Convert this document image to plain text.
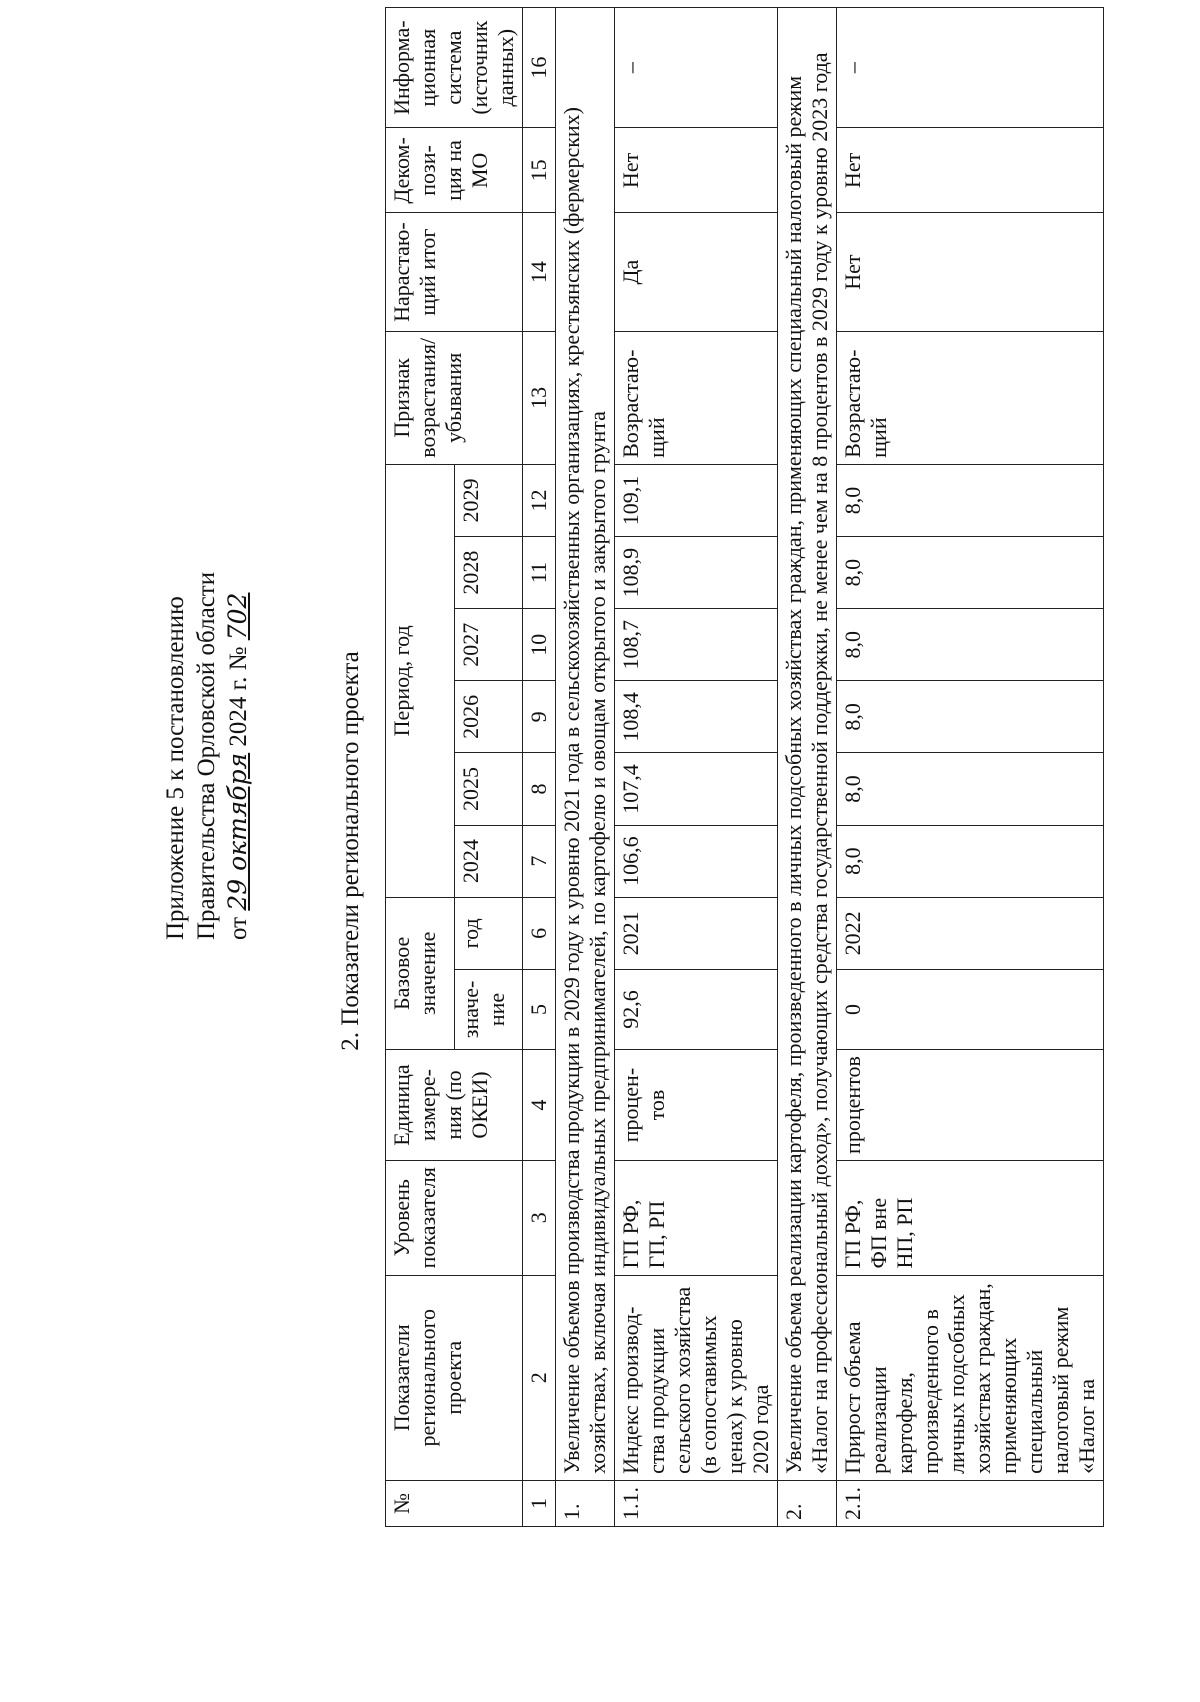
Приложение 5 к постановлению Правительства Орловской области от 29 октября 2024 г. № 702
2. Показатели регионального проекта
№	Показатели регионального проекта	Уровень показателя	Единица измере-ния (по ОКЕИ)	Базовое значение		Период, год						Признак возрастания/ убывания	Нарастаю-щий итог	Деком-пози-ция на МО	Информа-ционная система (источник данных)
				значе-ние	год	2024	2025	2026	2027	2028	2029				
1	2	3	4	5	6	7	8	9	10	11	12	13	14	15	16
1.	Увеличение объемов производства продукции в 2029 году к уровню 2021 года в сельскохозяйственных организациях, крестьянских (фермерских) хозяйствах, включая индивидуальных предпринимателей, по картофелю и овощам открытого и закрытого грунта														
1.1.	Индекс производ-ства продукции сельского хозяйства (в сопоставимых ценах) к уровню 2020 года	ГП РФ, ГП, РП	процен-тов	92,6	2021	106,6	107,4	108,4	108,7	108,9	109,1	Возрастаю-щий	Да	Нет	–
2.	Увеличение объема реализации картофеля, произведенного в личных подсобных хозяйствах граждан, применяющих специальный налоговый режим «Налог на профессиональный доход», получающих средства государственной поддержки, не менее чем на 8 процентов в 2029 году к уровню 2023 года														
2.1.	Прирост объема реализации картофеля, произведенного в личных подсобных хозяйствах граждан, применяющих специальный налоговый режим «Налог на	ГП РФ, ФП вне НП, РП	процентов	0	2022	8,0	8,0	8,0	8,0	8,0	8,0	Возрастаю-щий	Нет	Нет	–
